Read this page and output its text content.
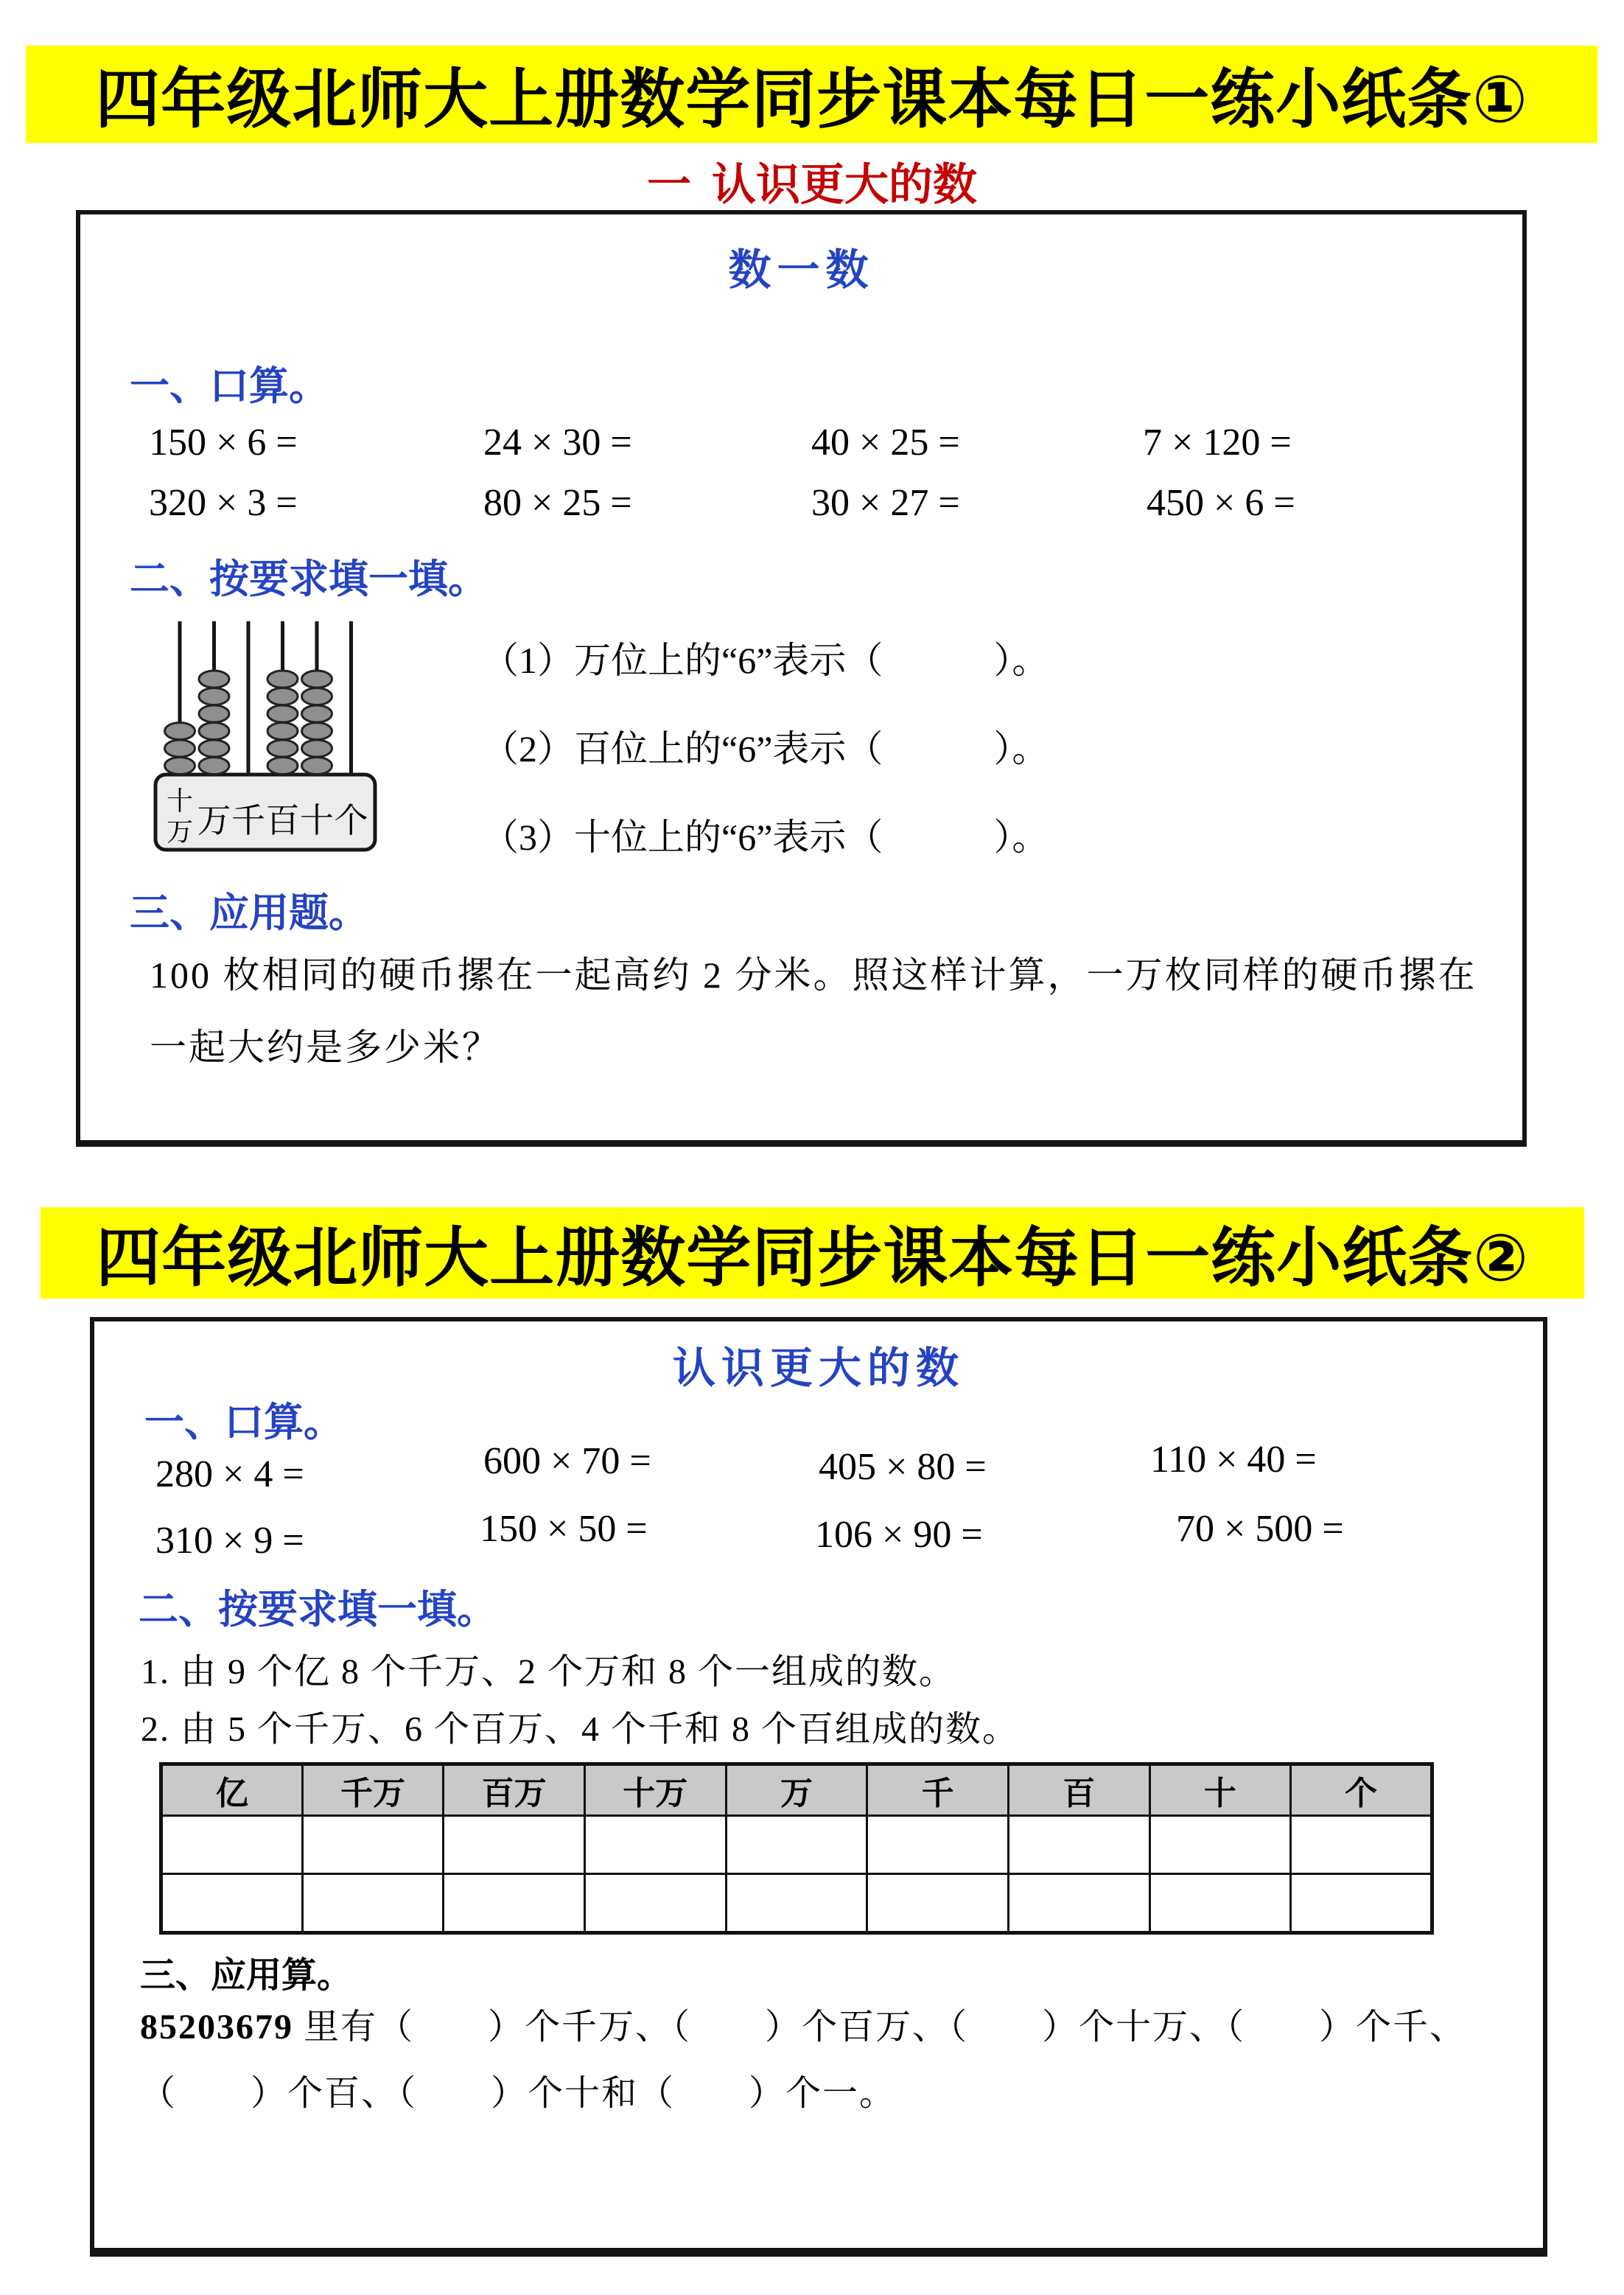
四年级北师大上册数学同步课本每日一练小纸条①
一 认识更大的数
数一数
一、口算。
150 × 6 =	24 × 30 =	40 × 25 =	7 × 120 =
320 × 3 =	80 × 25 =	30 × 27 =	450 × 6 =
二、按要求填一填。
十
万 万 千 百 十 个
（1）万位上的“6”表示（　　　）。
（2）百位上的“6”表示（　　　）。
（3）十位上的“6”表示（　　　）。
三、应用题。
100 枚相同的硬币摞在一起高约 2 分米。照这样计算，一万枚同样的硬币摞在
一起大约是多少米？
四年级北师大上册数学同步课本每日一练小纸条②
认识更大的数
一、口算。
280 × 4 =	600 × 70 =	405 × 80 =	110 × 40 =
310 × 9 =	150 × 50 =	106 × 90 =	70 × 500 =
二、按要求填一填。
1. 由 9 个亿 8 个千万、2 个万和 8 个一组成的数。
2. 由 5 个千万、6 个百万、4 个千和 8 个百组成的数。
亿	千万	百万	十万	万	千	百	十	个

三、应用算。
85203679 里有（　　）个千万、（　　）个百万、（　　）个十万、（　　）个千、
（　　）个百、（　　）个十和（　　）个一。
